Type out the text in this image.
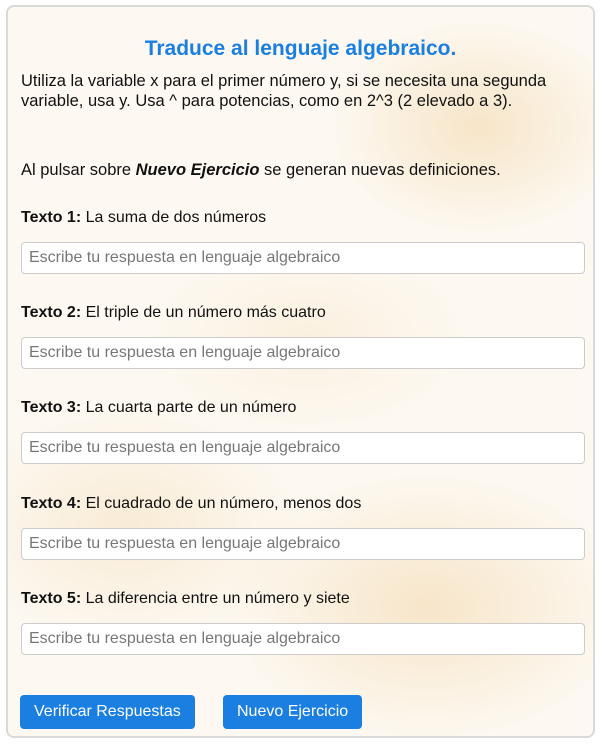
Traduce al lenguaje algebraico.
Utiliza la variable x para el primer número y, si se necesita una segunda variable, usa y. Usa ^ para potencias, como en 2^3 (2 elevado a 3).
Al pulsar sobre Nuevo Ejercicio se generan nuevas definiciones.
Texto 1: La suma de dos números
Escribe tu respuesta en lenguaje algebraico
Texto 2: El triple de un número más cuatro
Escribe tu respuesta en lenguaje algebraico
Texto 3: La cuarta parte de un número
Escribe tu respuesta en lenguaje algebraico
Texto 4: El cuadrado de un número, menos dos
Escribe tu respuesta en lenguaje algebraico
Texto 5: La diferencia entre un número y siete
Escribe tu respuesta en lenguaje algebraico
Verificar Respuestas	Nuevo Ejercicio
